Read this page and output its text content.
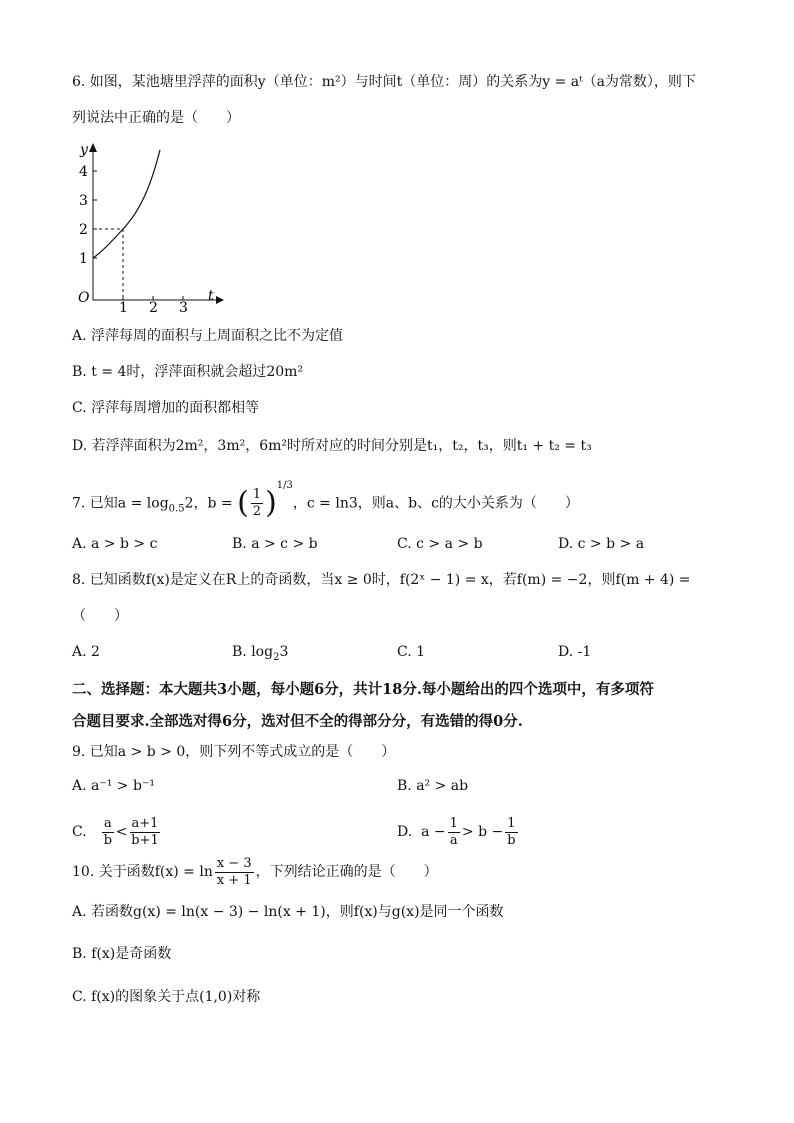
6. 如图，某池塘里浮萍的面积y（单位：m²）与时间t（单位：周）的关系为y = aᵗ（a为常数），则下
列说法中正确的是（　　）
y
t
O
1
2
3
4
1 2 3
A. 浮萍每周的面积与上周面积之比不为定值
B. t = 4时，浮萍面积就会超过20m²
C. 浮萍每周增加的面积都相等
D. 若浮萍面积为2m²，3m²，6m²时所对应的时间分别是t₁，t₂，t₃，则t₁ + t₂ = t₃
7. 已知$a = \log_{0.5}2$，b = ( $\frac{1}{2} )^{1/3}$，c = ln3，则a、b、c的大小关系为（　　）
A. a > b > c	B. a > c > b	C. c > a > b	D. c > b > a
8. 已知函数f(x)是定义在R上的奇函数，当x ≥ 0时，f(2ˣ − 1) = x，若f(m) = −2，则f(m + 4) =
（　　）
A. 2	B. $\log_23$	C. 1	D. -1
二、选择题：本大题共3小题，每小题6分，共计18分.每小题给出的四个选项中，有多项符
合题目要求.全部选对得6分，选对但不全的得部分分，有选错的得0分.
9. 已知a > b > 0，则下列不等式成立的是（　　）
A. a⁻¹ > b⁻¹	B. a² > ab
C. $\frac{a}{b} < \frac{a+1}{b+1}$	D. $a - \frac{1}{a} > b - \frac{1}{b}$
10. 关于函数$f(x) = \ln \frac{x - 3}{x + 1}$ ，下列结论正确的是（　　）
A. 若函数g(x) = ln(x − 3) − ln(x + 1)，则f(x)与g(x)是同一个函数
B. f(x)是奇函数
C. f(x)的图象关于点(1,0)对称
